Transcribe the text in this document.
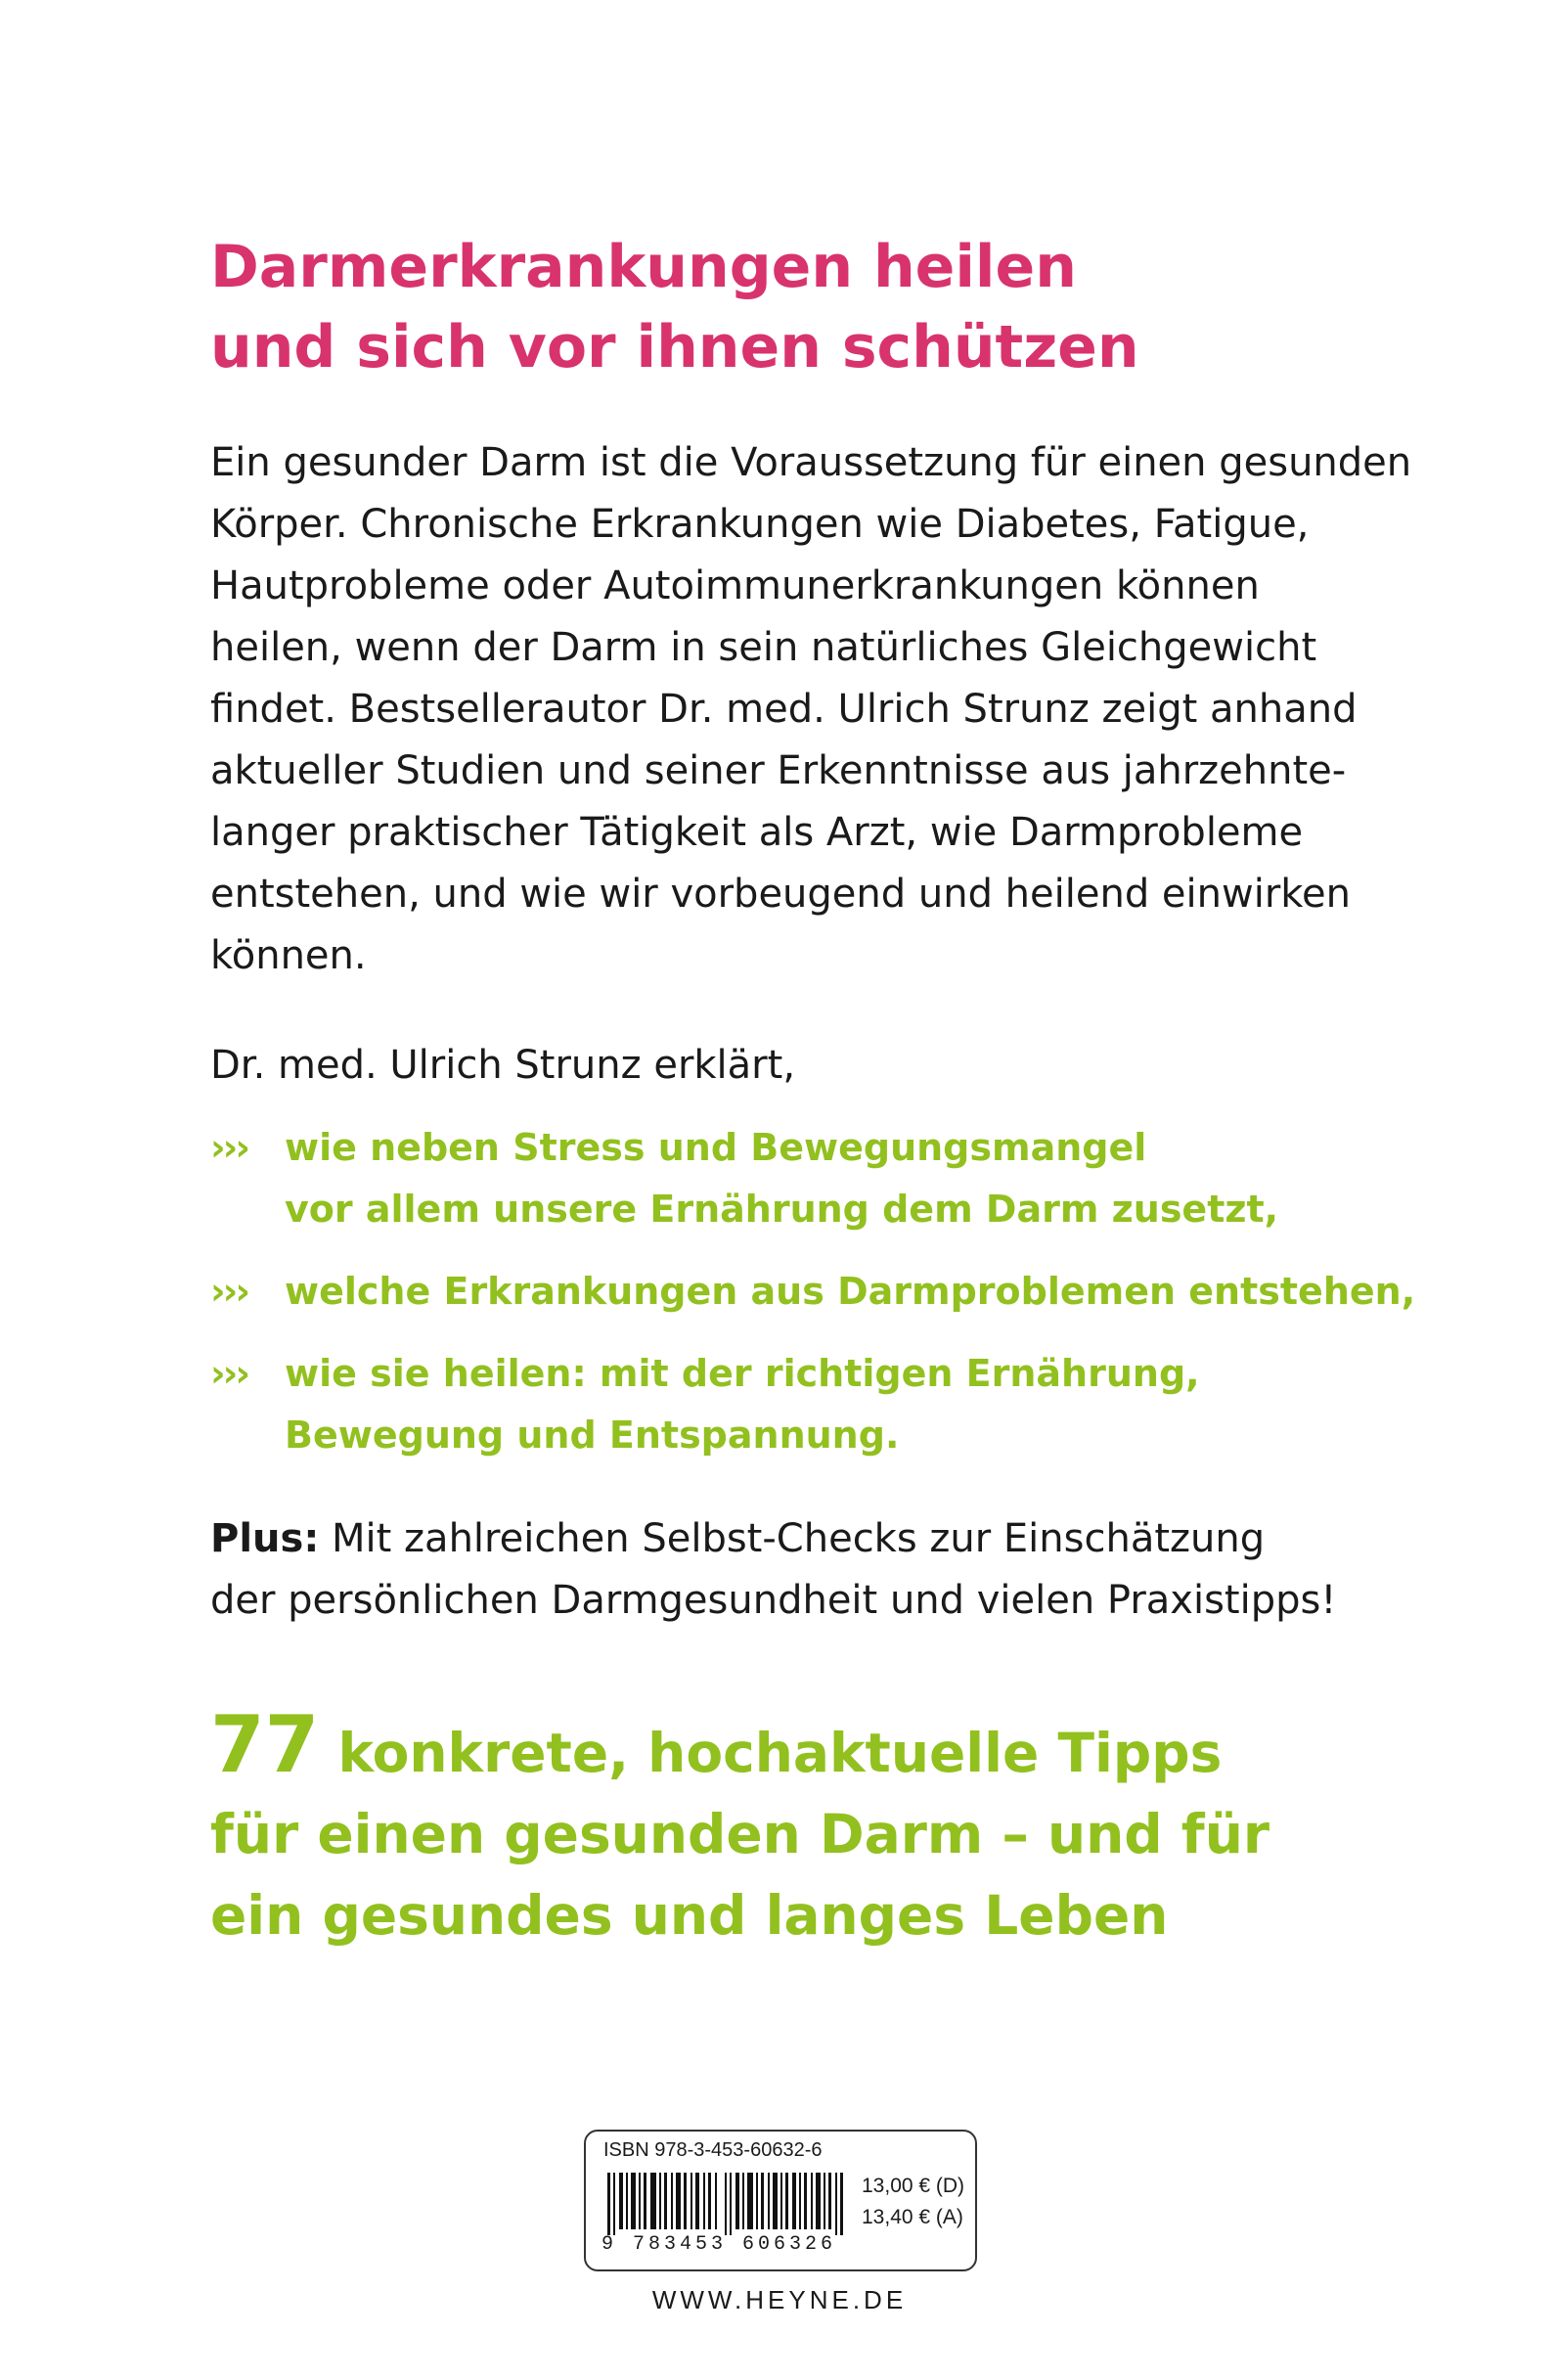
Darmerkrankungen heilen
und sich vor ihnen schützen

Ein gesunder Darm ist die Voraussetzung für einen gesunden
Körper. Chronische Erkrankungen wie Diabetes, Fatigue,
Hautprobleme oder Autoimmunerkrankungen können
heilen, wenn der Darm in sein natürliches Gleichgewicht
findet. Bestsellerautor Dr. med. Ulrich Strunz zeigt anhand
aktueller Studien und seiner Erkenntnisse aus jahrzehnte-
langer praktischer Tätigkeit als Arzt, wie Darmprobleme
entstehen, und wie wir vorbeugend und heilend einwirken
können.

Dr. med. Ulrich Strunz erklärt,

››› wie neben Stress und Bewegungsmangel
vor allem unsere Ernährung dem Darm zusetzt,
››› welche Erkrankungen aus Darmproblemen entstehen,
››› wie sie heilen: mit der richtigen Ernährung,
Bewegung und Entspannung.

Plus: Mit zahlreichen Selbst-Checks zur Einschätzung
der persönlichen Darmgesundheit und vielen Praxistipps!

77 konkrete, hochaktuelle Tipps
für einen gesunden Darm – und für
ein gesundes und langes Leben

ISBN 978-3-453-60632-6
9 783453 606326
13,00 € (D)
13,40 € (A)
WWW.HEYNE.DE
